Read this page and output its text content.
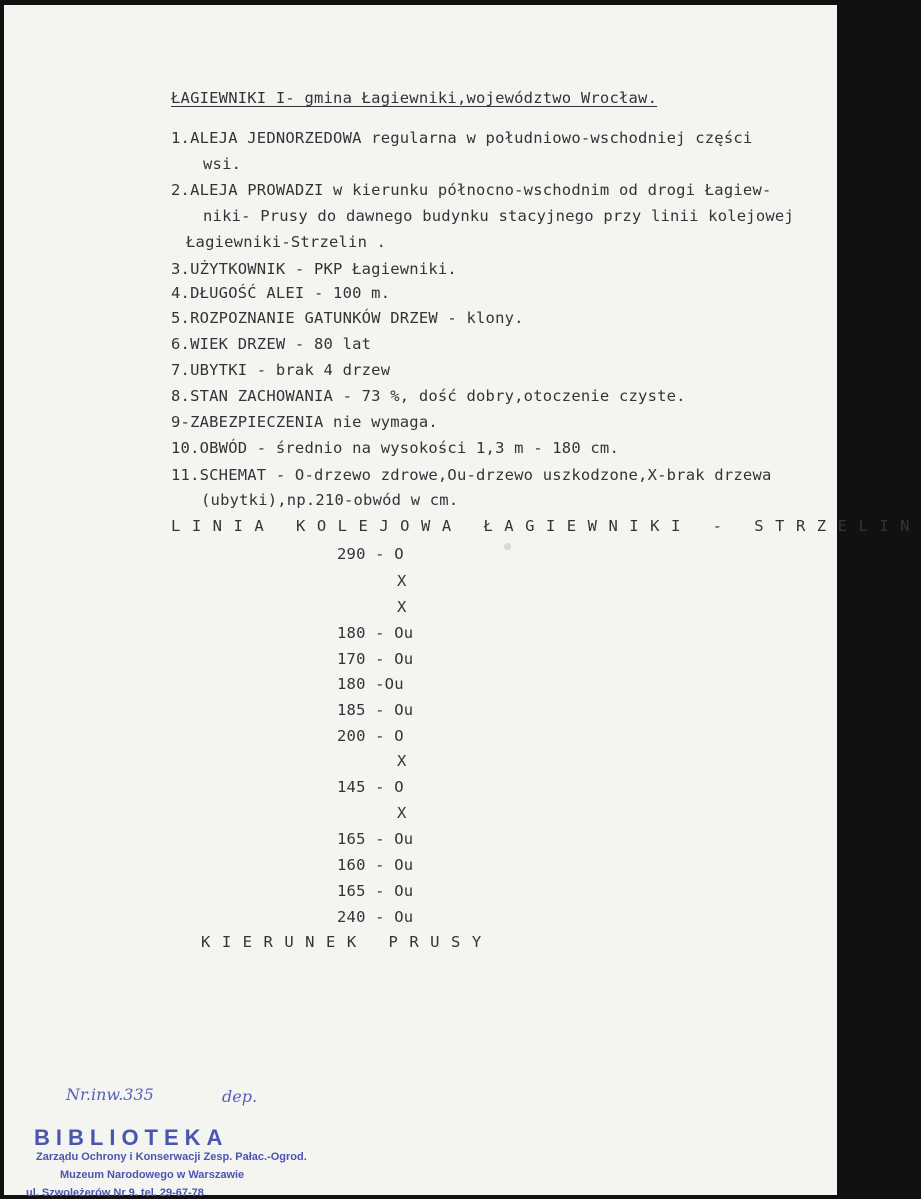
ŁAGIEWNIKI I- gmina Łagiewniki,województwo Wrocław.
1.ALEJA JEDNORZEDOWA regularna w południowo-wschodniej części
wsi.
2.ALEJA PROWADZI w kierunku północno-wschodnim od drogi Łagiew-
niki- Prusy do dawnego budynku stacyjnego przy linii kolejowej
Łagiewniki-Strzelin .
3.UŻYTKOWNIK - PKP Łagiewniki.
4.DŁUGOŚĆ ALEI - 100 m.
5.ROZPOZNANIE GATUNKÓW DRZEW - klony.
6.WIEK DRZEW - 80 lat
7.UBYTKI - brak 4 drzew
8.STAN ZACHOWANIA - 73 %, dość dobry,otoczenie czyste.
9-ZABEZPIECZENIA nie wymaga.
10.OBWÓD - średnio na wysokości 1,3 m - 180 cm.
11.SCHEMAT - O-drzewo zdrowe,Ou-drzewo uszkodzone,X-brak drzewa
(ubytki),np.210-obwód w cm.
LINIA KOLEJOWA ŁAGIEWNIKI - STRZELIN
290 - O
X
X
180 - Ou
170 - Ou
180 -Ou
185 - Ou
200 - O
X
145 - O
X
165 - Ou
160 - Ou
165 - Ou
240 - Ou
KIERUNEK PRUSY
Nr.inw.335	dep.
BIBLIOTEKA
Zarządu Ochrony i Konserwacji Zesp. Pałac.-Ogrod.
Muzeum Narodowego w Warszawie
ul. Szwoleżerów Nr 9. tel. 29-67-78
